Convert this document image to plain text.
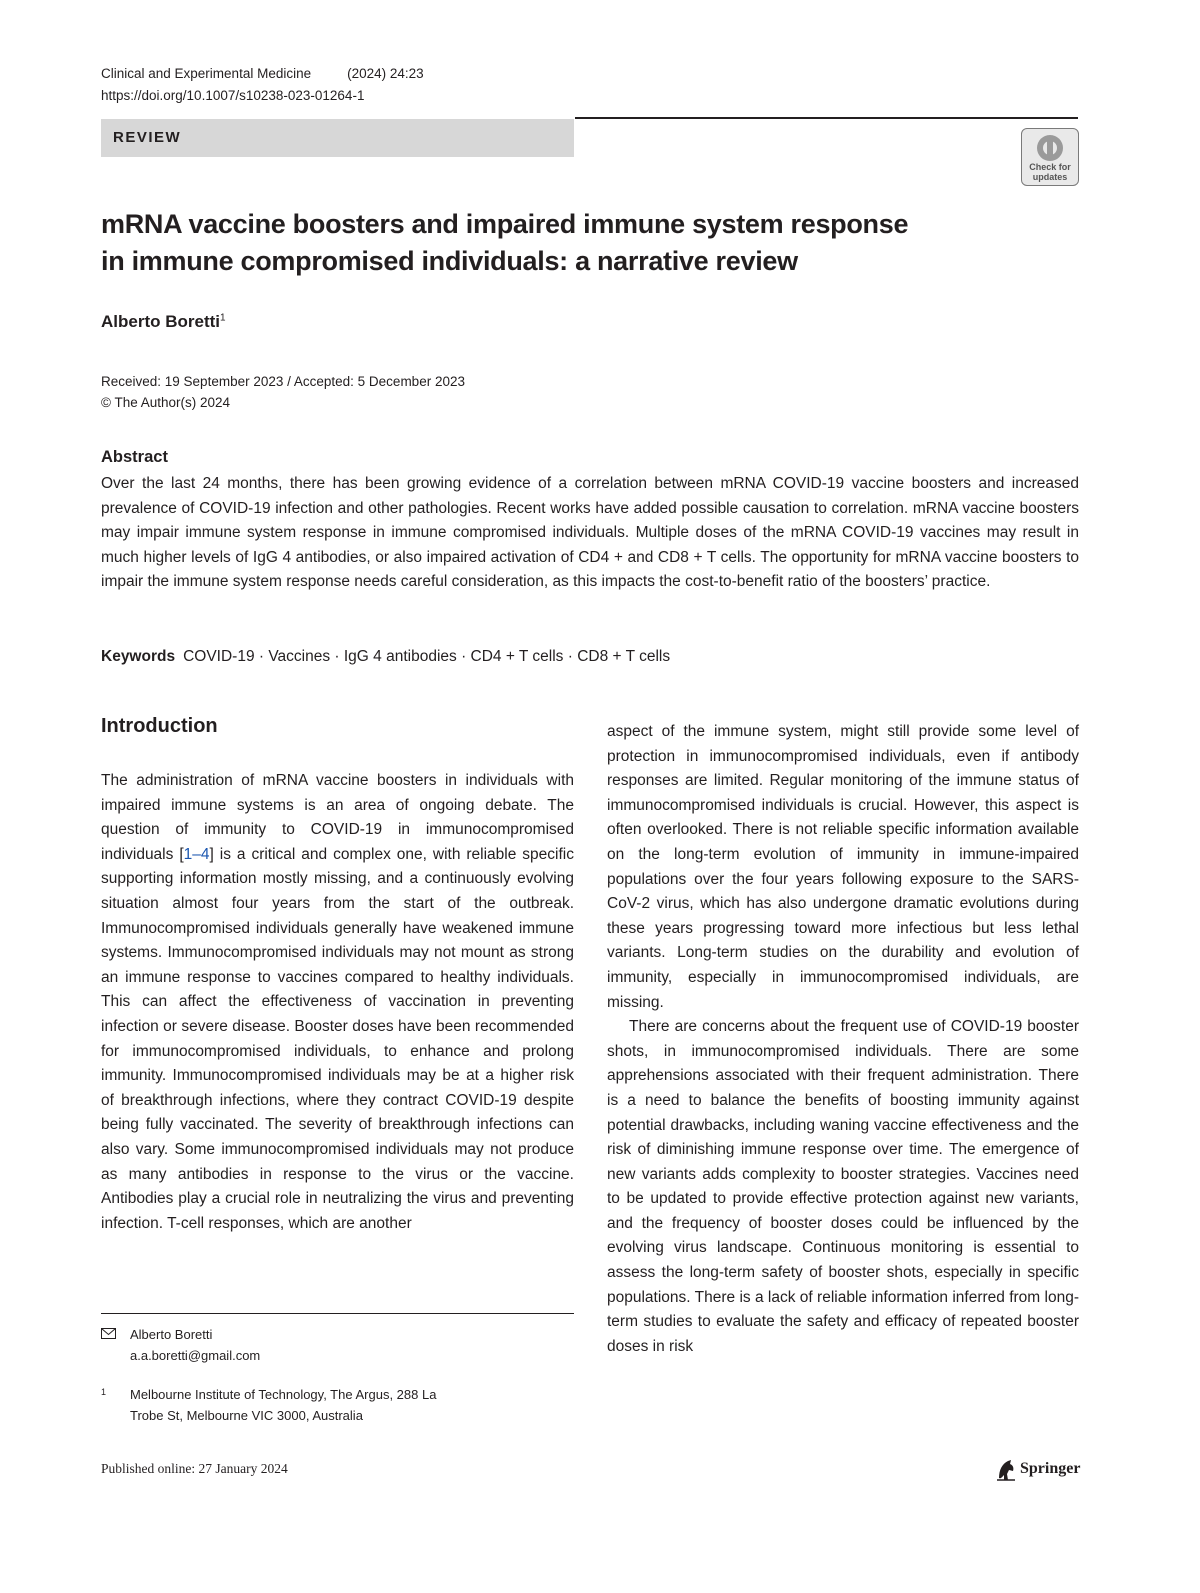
Clinical and Experimental Medicine	(2024) 24:23
https://doi.org/10.1007/s10238-023-01264-1
REVIEW
Check for
updates
mRNA vaccine boosters and impaired immune system response
in immune compromised individuals: a narrative review
Alberto Boretti$^1$
Received: 19 September 2023 / Accepted: 5 December 2023
© The Author(s) 2024
Abstract
Over the last 24 months, there has been growing evidence of a correlation between mRNA COVID-19 vaccine boosters and increased prevalence of COVID-19 infection and other pathologies. Recent works have added possible causation to correlation. mRNA vaccine boosters may impair immune system response in immune compromised individuals. Multiple doses of the mRNA COVID-19 vaccines may result in much higher levels of IgG 4 antibodies, or also impaired activation of CD4 + and CD8 + T cells. The opportunity for mRNA vaccine boosters to impair the immune system response needs careful consideration, as this impacts the cost-to-benefit ratio of the boosters’ practice.
Keywords COVID-19 · Vaccines · IgG 4 antibodies · CD4 + T cells · CD8 + T cells
Introduction

The administration of mRNA vaccine boosters in individuals with impaired immune systems is an area of ongoing debate. The question of immunity to COVID-19 in immunocompromised individuals [1–4] is a critical and complex one, with reliable specific supporting information mostly missing, and a continuously evolving situation almost four years from the start of the outbreak. Immunocompromised individuals generally have weakened immune systems. Immunocompromised individuals may not mount as strong an immune response to vaccines compared to healthy individuals. This can affect the effectiveness of vaccination in preventing infection or severe disease. Booster doses have been recommended for immunocompromised individuals, to enhance and prolong immunity. Immunocompromised individuals may be at a higher risk of breakthrough infections, where they contract COVID-19 despite being fully vaccinated. The severity of breakthrough infections can also vary. Some immunocompromised individuals may not produce as many antibodies in response to the virus or the vaccine. Antibodies play a crucial role in neutralizing the virus and preventing infection. T-cell responses, which are another

aspect of the immune system, might still provide some level of protection in immunocompromised individuals, even if antibody responses are limited. Regular monitoring of the immune status of immunocompromised individuals is crucial. However, this aspect is often overlooked. There is not reliable specific information available on the long-term evolution of immunity in immune-impaired populations over the four years following exposure to the SARS-CoV-2 virus, which has also undergone dramatic evolutions during these years progressing toward more infectious but less lethal variants. Long-term studies on the durability and evolution of immunity, especially in immunocompromised individuals, are missing.

There are concerns about the frequent use of COVID-19 booster shots, in immunocompromised individuals. There are some apprehensions associated with their frequent administration. There is a need to balance the benefits of boosting immunity against potential drawbacks, including waning vaccine effectiveness and the risk of diminishing immune response over time. The emergence of new variants adds complexity to booster strategies. Vaccines need to be updated to provide effective protection against new variants, and the frequency of booster doses could be influenced by the evolving virus landscape. Continuous monitoring is essential to assess the long-term safety of booster shots, especially in specific populations. There is a lack of reliable information inferred from long-term studies to evaluate the safety and efficacy of repeated booster doses in risk

Alberto Boretti
a.a.boretti@gmail.com
1 Melbourne Institute of Technology, The Argus, 288 La
Trobe St, Melbourne VIC 3000, Australia
Published online: 27 January 2024	Springer
